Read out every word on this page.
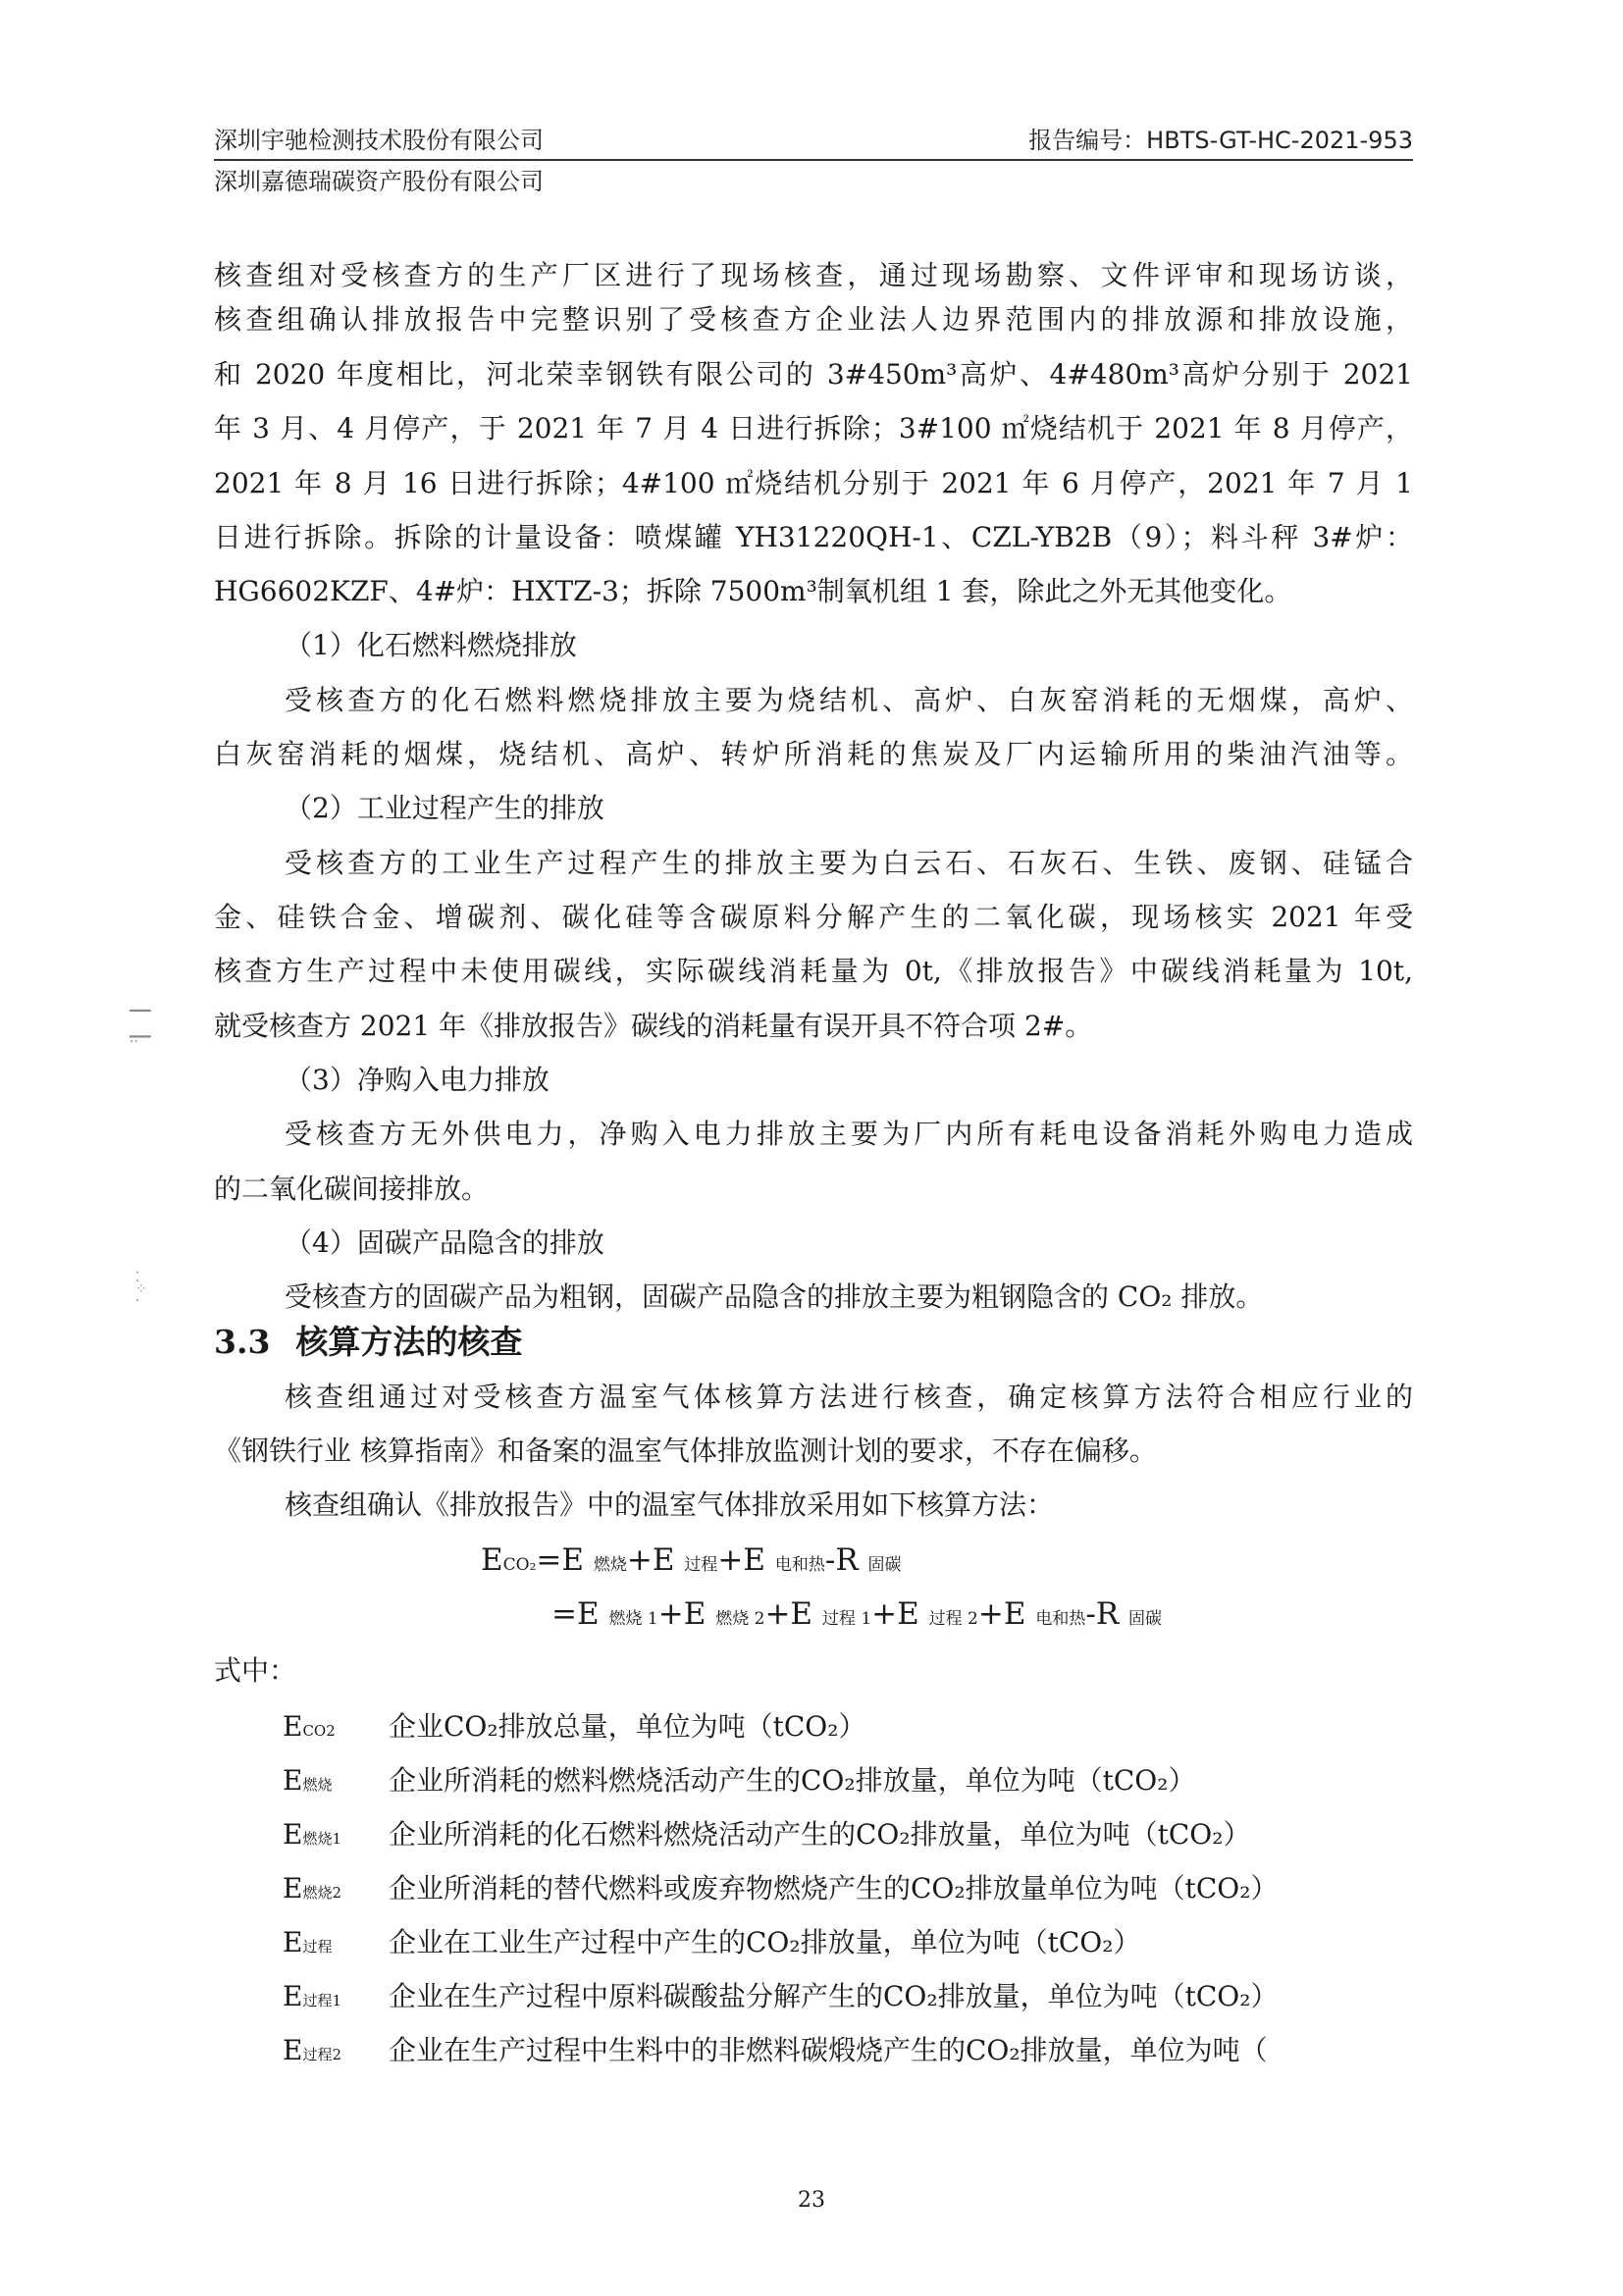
深圳宇驰检测技术股份有限公司	报告编号：HBTS-GT-HC-2021-953
深圳嘉德瑞碳资产股份有限公司
核查组对受核查方的生产厂区进行了现场核查，通过现场勘察、文件评审和现场访谈，
核查组确认排放报告中完整识别了受核查方企业法人边界范围内的排放源和排放设施，
和 2020 年度相比，河北荣幸钢铁有限公司的 3#450m³高炉、4#480m³高炉分别于 2021
年 3 月、4 月停产，于 2021 年 7 月 4 日进行拆除；3#100 ㎡烧结机于 2021 年 8 月停产，
2021 年 8 月 16 日进行拆除；4#100 ㎡烧结机分别于 2021 年 6 月停产，2021 年 7 月 1
日进行拆除。拆除的计量设备：喷煤罐 YH31220QH-1、CZL-YB2B（9）；料斗秤 3#炉：
HG6602KZF、4#炉：HXTZ-3；拆除 7500m³制氧机组 1 套，除此之外无其他变化。
（1）化石燃料燃烧排放
受核查方的化石燃料燃烧排放主要为烧结机、高炉、白灰窑消耗的无烟煤，高炉、
白灰窑消耗的烟煤，烧结机、高炉、转炉所消耗的焦炭及厂内运输所用的柴油汽油等。
（2）工业过程产生的排放
受核查方的工业生产过程产生的排放主要为白云石、石灰石、生铁、废钢、硅锰合
金、硅铁合金、增碳剂、碳化硅等含碳原料分解产生的二氧化碳，现场核实 2021 年受
核查方生产过程中未使用碳线，实际碳线消耗量为 0t,《排放报告》中碳线消耗量为 10t,
就受核查方 2021 年《排放报告》碳线的消耗量有误开具不符合项 2#。
（3）净购入电力排放
受核查方无外供电力，净购入电力排放主要为厂内所有耗电设备消耗外购电力造成
的二氧化碳间接排放。
（4）固碳产品隐含的排放
受核查方的固碳产品为粗钢，固碳产品隐含的排放主要为粗钢隐含的 CO₂ 排放。
3.3 核算方法的核查
核查组通过对受核查方温室气体核算方法进行核查，确定核算方法符合相应行业的
《钢铁行业 核算指南》和备案的温室气体排放监测计划的要求，不存在偏移。
核查组确认《排放报告》中的温室气体排放采用如下核算方法：
ECO₂=E 燃烧+E 过程+E 电和热-R 固碳
=E 燃烧 1+E 燃烧 2+E 过程 1+E 过程 2+E 电和热-R 固碳
式中：
ECO2 企业CO₂排放总量，单位为吨（tCO₂）
E燃烧 企业所消耗的燃料燃烧活动产生的CO₂排放量，单位为吨（tCO₂）
E燃烧1 企业所消耗的化石燃料燃烧活动产生的CO₂排放量，单位为吨（tCO₂）
E燃烧2 企业所消耗的替代燃料或废弃物燃烧产生的CO₂排放量单位为吨（tCO₂）
E过程 企业在工业生产过程中产生的CO₂排放量，单位为吨（tCO₂）
E过程1 企业在生产过程中原料碳酸盐分解产生的CO₂排放量，单位为吨（tCO₂）
E过程2 企业在生产过程中生料中的非燃料碳煅烧产生的CO₂排放量，单位为吨（
▔▔
▁▁
··
⁚
⁘
·
23
